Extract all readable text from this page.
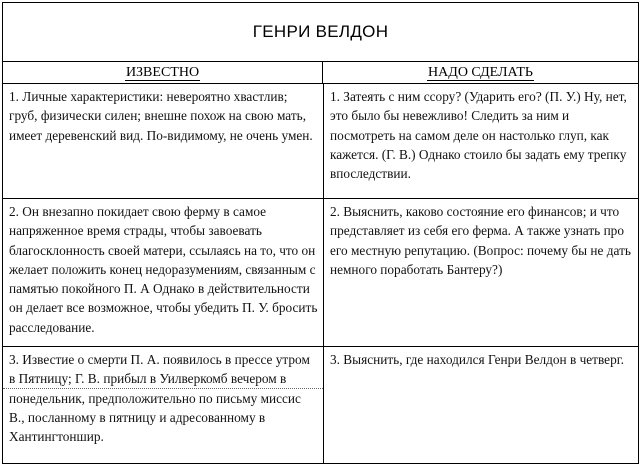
ГЕНРИ ВЕЛДОН
ИЗВЕСТНО	НАДО СДЕЛАТЬ
1. Личные характеристики: невероятно хвастлив; груб, физически силен; внешне похож на свою мать, имеет деревенский вид. По-видимому, не очень умен.
1. Затеять с ним ссору? (Ударить его? (П. У.) Ну, нет, это было бы невежливо! Следить за ним и посмотреть на самом деле он настолько глуп, как кажется. (Г. В.) Однако стоило бы задать ему трепку впоследствии.
2. Он внезапно покидает свою ферму в самое напряженное время страды, чтобы завоевать благосклонность своей матери, ссылаясь на то, что он желает положить конец недоразумениям, связанным с памятью покойного П. А Однако в действительности он делает все возможное, чтобы убедить П. У. бросить расследование.
2. Выяснить, каково состояние его финансов; и что представляет из себя его ферма. А также узнать про его местную репутацию. (Вопрос: почему бы не дать немного поработать Бантеру?)
3. Известие о смерти П. А. появилось в прессе утром в Пятницу; Г. В. прибыл в Уилверкомб вечером в понедельник, предположительно по письму миссис В., посланному в пятницу и адресованному в Хантингтоншир.
3. Выяснить, где находился Генри Велдон в четверг.
